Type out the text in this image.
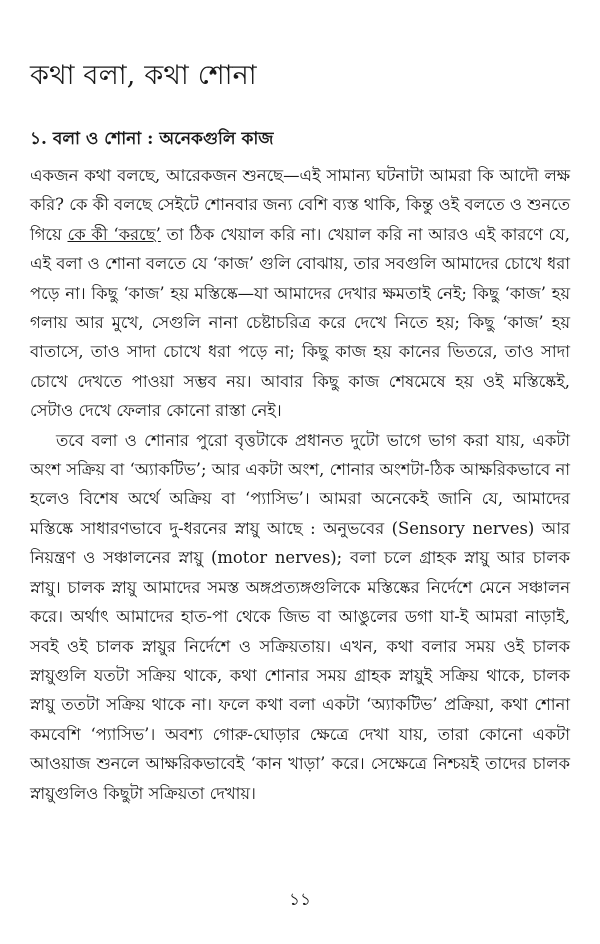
কথা বলা, কথা শোনা
১. বলা ও শোনা : অনেকগুলি কাজ

একজন কথা বলছে, আরেকজন শুনছে—এই সামান্য ঘটনাটা আমরা কি আদৌ লক্ষ করি? কে কী বলছে সেইটে শোনবার জন্য বেশি ব্যস্ত থাকি, কিন্তু ওই বলতে ও শুনতে গিয়ে কে কী ‘করছে’ তা ঠিক খেয়াল করি না। খেয়াল করি না আরও এই কারণে যে, এই বলা ও শোনা বলতে যে ‘কাজ’ গুলি বোঝায়, তার সবগুলি আমাদের চোখে ধরা পড়ে না। কিছু ‘কাজ’ হয় মস্তিষ্কে—যা আমাদের দেখার ক্ষমতাই নেই; কিছু ‘কাজ’ হয় গলায় আর মুখে, সেগুলি নানা চেষ্টাচরিত্র করে দেখে নিতে হয়; কিছু ‘কাজ’ হয় বাতাসে, তাও সাদা চোখে ধরা পড়ে না; কিছু কাজ হয় কানের ভিতরে, তাও সাদা চোখে দেখতে পাওয়া সম্ভব নয়। আবার কিছু কাজ শেষমেষে হয় ওই মস্তিষ্কেই, সেটাও দেখে ফেলার কোনো রাস্তা নেই।

তবে বলা ও শোনার পুরো বৃত্তটাকে প্রধানত দুটো ভাগে ভাগ করা যায়, একটা অংশ সক্রিয় বা ‘অ্যাকটিভ’; আর একটা অংশ, শোনার অংশটা-ঠিক আক্ষরিকভাবে না হলেও বিশেষ অর্থে অক্রিয় বা ‘প্যাসিভ’। আমরা অনেকেই জানি যে, আমাদের মস্তিষ্কে সাধারণভাবে দু-ধরনের স্নায়ু আছে : অনুভবের (Sensory nerves) আর নিয়ন্ত্রণ ও সঞ্চালনের স্নায়ু (motor nerves); বলা চলে গ্রাহক স্নায়ু আর চালক স্নায়ু। চালক স্নায়ু আমাদের সমস্ত অঙ্গপ্রত্যঙ্গগুলিকে মস্তিষ্কের নির্দেশে মেনে সঞ্চালন করে। অর্থাৎ আমাদের হাত-পা থেকে জিভ বা আঙুলের ডগা যা-ই আমরা নাড়াই, সবই ওই চালক স্নায়ুর নির্দেশে ও সক্রিয়তায়। এখন, কথা বলার সময় ওই চালক স্নায়ুগুলি যতটা সক্রিয় থাকে, কথা শোনার সময় গ্রাহক স্নায়ুই সক্রিয় থাকে, চালক স্নায়ু ততটা সক্রিয় থাকে না। ফলে কথা বলা একটা ‘অ্যাকটিভ’ প্রক্রিয়া, কথা শোনা কমবেশি ‘প্যাসিভ’। অবশ্য গোরু-ঘোড়ার ক্ষেত্রে দেখা যায়, তারা কোনো একটা আওয়াজ শুনলে আক্ষরিকভাবেই ‘কান খাড়া’ করে। সেক্ষেত্রে নিশ্চয়ই তাদের চালক স্নায়ুগুলিও কিছুটা সক্রিয়তা দেখায়।

১১
